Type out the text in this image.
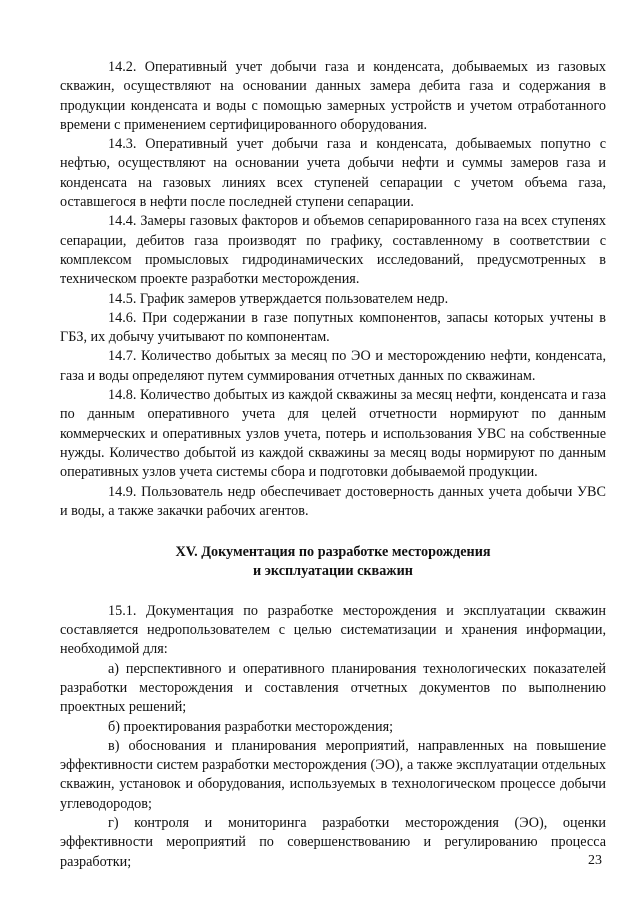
14.2. Оперативный учет добычи газа и конденсата, добываемых из газовых скважин, осуществляют на основании данных замера дебита газа и содержания в продукции конденсата и воды с помощью замерных устройств и учетом отработанного времени с применением сертифицированного оборудования.

14.3. Оперативный учет добычи газа и конденсата, добываемых попутно с нефтью, осуществляют на основании учета добычи нефти и суммы замеров газа и конденсата на газовых линиях всех ступеней сепарации с учетом объема газа, оставшегося в нефти после последней ступени сепарации.

14.4. Замеры газовых факторов и объемов сепарированного газа на всех ступенях сепарации, дебитов газа производят по графику, составленному в соответствии с комплексом промысловых гидродинамических исследований, предусмотренных в техническом проекте разработки месторождения.

14.5. График замеров утверждается пользователем недр.

14.6. При содержании в газе попутных компонентов, запасы которых учтены в ГБЗ, их добычу учитывают по компонентам.

14.7. Количество добытых за месяц по ЭО и месторождению нефти, конденсата, газа и воды определяют путем суммирования отчетных данных по скважинам.

14.8. Количество добытых из каждой скважины за месяц нефти, конденсата и газа по данным оперативного учета для целей отчетности нормируют по данным коммерческих и оперативных узлов учета, потерь и использования УВС на собственные нужды. Количество добытой из каждой скважины за месяц воды нормируют по данным оперативных узлов учета системы сбора и подготовки добываемой продукции.

14.9. Пользователь недр обеспечивает достоверность данных учета добычи УВС и воды, а также закачки рабочих агентов.

XV. Документация по разработке месторождения
и эксплуатации скважин

15.1. Документация по разработке месторождения и эксплуатации скважин составляется недропользователем с целью систематизации и хранения информации, необходимой для:

а) перспективного и оперативного планирования технологических показателей разработки месторождения и составления отчетных документов по выполнению проектных решений;

б) проектирования разработки месторождения;

в) обоснования и планирования мероприятий, направленных на повышение эффективности систем разработки месторождения (ЭО), а также эксплуатации отдельных скважин, установок и оборудования, используемых в технологическом процессе добычи углеводородов;

г) контроля и мониторинга разработки месторождения (ЭО), оценки эффективности мероприятий по совершенствованию и регулированию процесса разработки;	23
